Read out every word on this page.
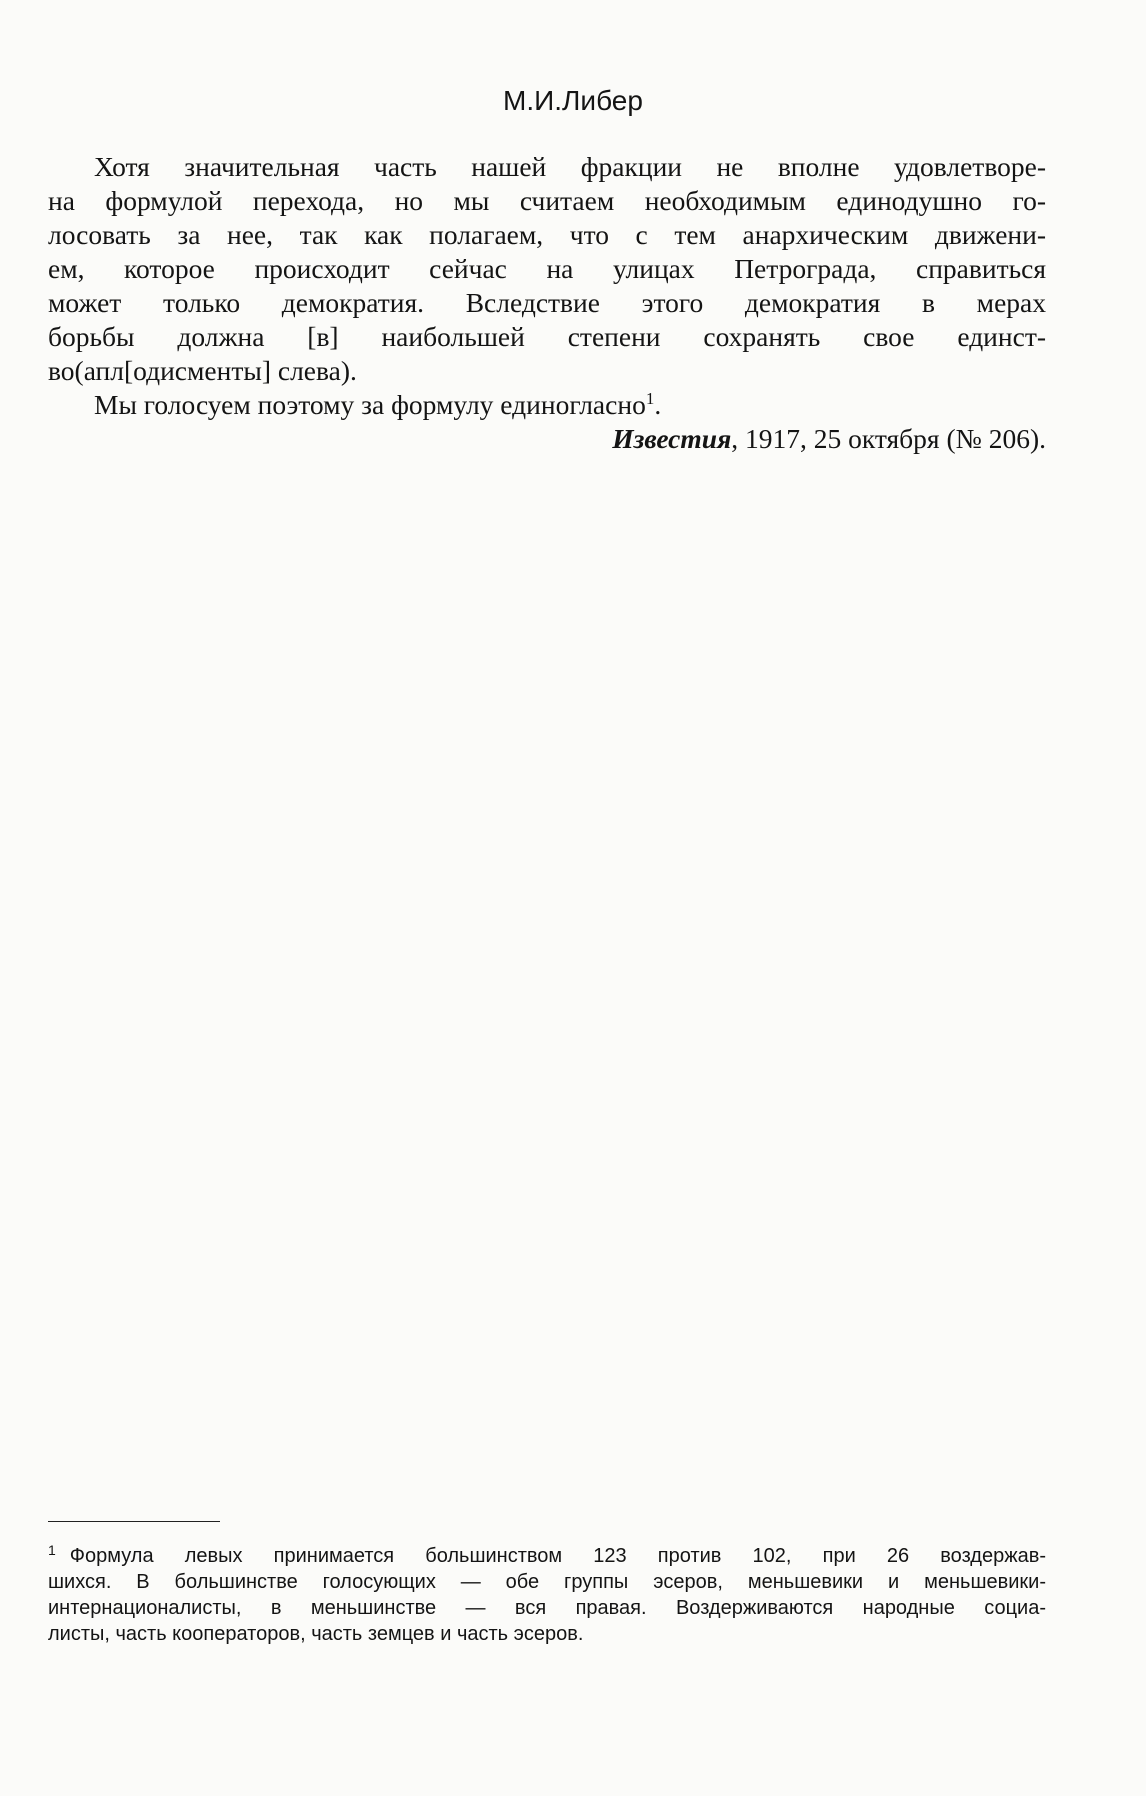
М.И.Либер
Хотя значительная часть нашей фракции не вполне удовлетворе-
на формулой перехода, но мы считаем необходимым единодушно го-
лосовать за нее, так как полагаем, что с тем анархическим движени-
ем, которое происходит сейчас на улицах Петрограда, справиться
может только демократия. Вследствие этого демократия в мерах
борьбы должна [в] наибольшей степени сохранять свое единст-
во(апл[одисменты] слева).
Мы голосуем поэтому за формулу единогласно$^1$.
Известия, 1917, 25 октября (№ 206).
$^1$ Формула левых принимается большинством 123 против 102, при 26 воздержав-
шихся. В большинстве голосующих — обе группы эсеров, меньшевики и меньшевики-
интернационалисты, в меньшинстве — вся правая. Воздерживаются народные социа-
листы, часть кооператоров, часть земцев и часть эсеров.
